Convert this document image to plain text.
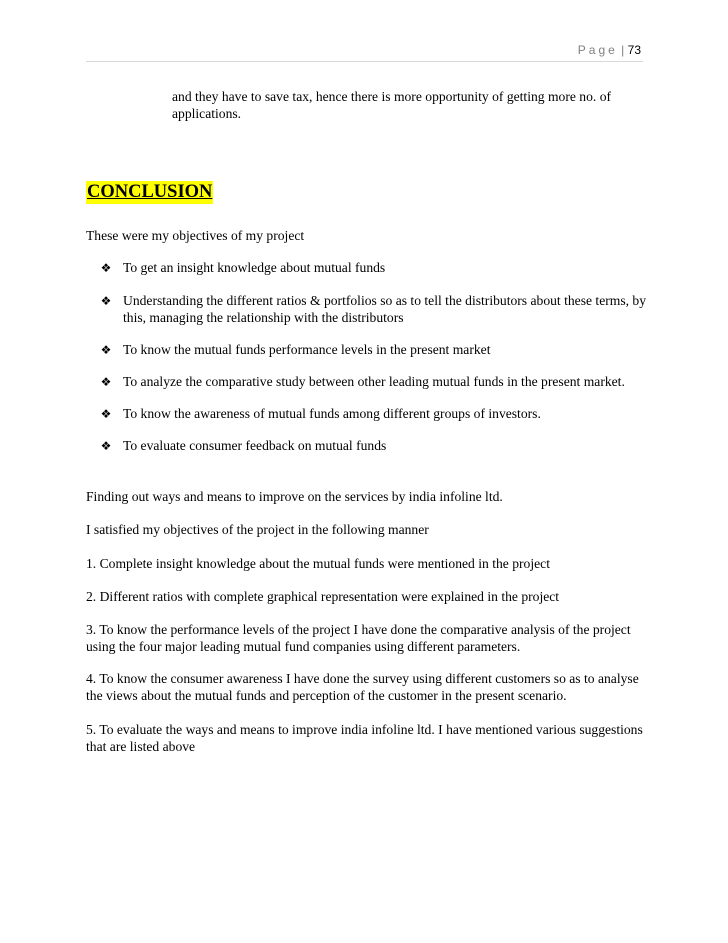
Page | 73
and they have to save tax, hence there is more opportunity of getting more no. of applications.
CONCLUSION
These were my objectives of my project
❖ To get an insight knowledge about mutual funds
❖ Understanding the different ratios & portfolios so as to tell the distributors about these terms, by this, managing the relationship with the distributors
❖ To know the mutual funds performance levels in the present market
❖ To analyze the comparative study between other leading mutual funds in the present market.
❖ To know the awareness of mutual funds among different groups of investors.
❖ To evaluate consumer feedback on mutual funds
Finding out ways and means to improve on the services by india infoline ltd.
I satisfied my objectives of the project in the following manner
1. Complete insight knowledge about the mutual funds were mentioned in the project
2. Different ratios with complete graphical representation were explained in the project
3. To know the performance levels of the project I have done the comparative analysis of the project using the four major leading mutual fund companies using different parameters.
4. To know the consumer awareness I have done the survey using different customers so as to analyse the views about the mutual funds and perception of the customer in the present scenario.
5. To evaluate the ways and means to improve india infoline ltd. I have mentioned various suggestions that are listed above
